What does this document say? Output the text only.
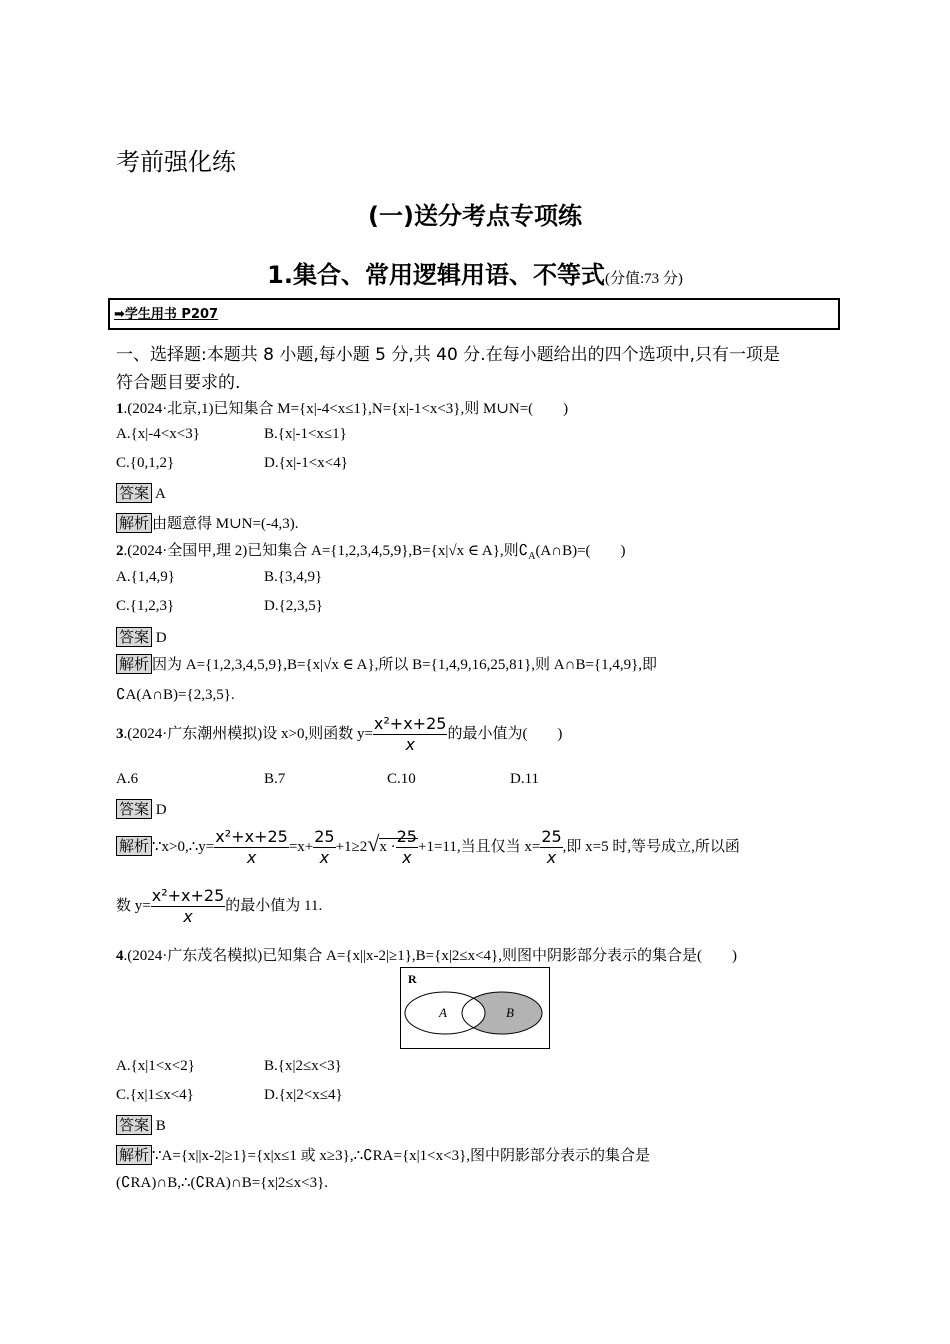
考前强化练
(一)送分考点专项练
1.集合、常用逻辑用语、不等式(分值:73 分)
➡学生用书 P207
一、选择题:本题共 8 小题,每小题 5 分,共 40 分.在每小题给出的四个选项中,只有一项是
符合题目要求的.
1.(2024·北京,1)已知集合 M={x|-4<x≤1},N={x|-1<x<3},则 M∪N=(　　)
A.{x|-4<x<3}	B.{x|-1<x≤1}
C.{0,1,2}	D.{x|-1<x<4}
答案 A
解析 由题意得 M∪N=(-4,3).
2.(2024·全国甲,理 2)已知集合 A={1,2,3,4,5,9},B={x|√x ∈ A},则$∁_A(A\cap B)=$(　　)
A.{1,4,9}	B.{3,4,9}
C.{1,2,3}	D.{2,3,5}
答案 D
解析 因为 A={1,2,3,4,5,9},B={x|√x ∈ A},所以 B={1,4,9,16,25,81},则 A∩B={1,4,9},即
∁A(A∩B)={2,3,5}.
3.(2024·广东潮州模拟)设 x>0,则函数 $y= \frac{\text{x²+x+25}}{x}$ 的最小值为(　　)
A.6	B.7	C.10	D.11
答案 D
解析 ∵x>0,∴y= $\frac{\text{x²+x+25}}{x} =x+ \frac{25}{x} +1\ge 2√x \cdot \frac{25}{x} +1=11$,当且仅当 $x= \frac{25}{x}$ ,即 x=5 时,等号成立,所以函
数 $y= \frac{\text{x²+x+25}}{x}$ 的最小值为 11.
4.(2024·广东茂名模拟)已知集合 A={x||x-2|≥1},B={x|2≤x<4},则图中阴影部分表示的集合是(　　)
R
A	B
A.{x|1<x<2}	B.{x|2≤x<3}
C.{x|1≤x<4}	D.{x|2<x≤4}
答案 B
解析 ∵A={x||x-2|≥1}={x|x≤1 或 x≥3},∴∁RA={x|1<x<3},图中阴影部分表示的集合是
(∁RA)∩B,∴(∁RA)∩B={x|2≤x<3}.
